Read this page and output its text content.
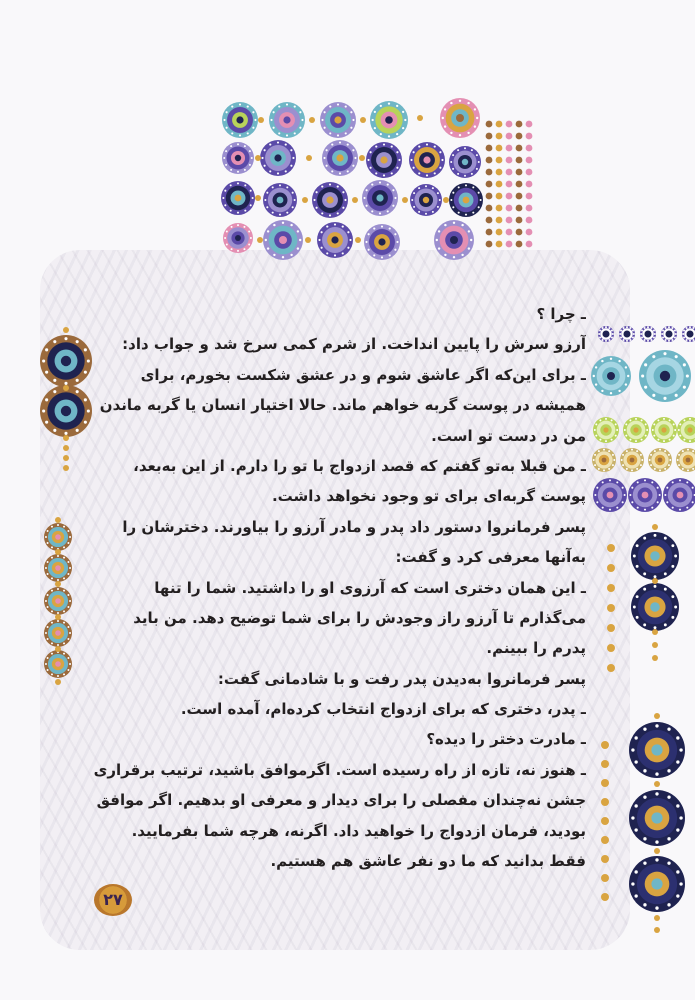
ـ چرا ؟
آرزو سرش را پایین انداخت. از شرم کمی سرخ شد و جواب داد:
ـ برای این‌که اگر عاشق شوم و در عشق شکست بخورم، برای
همیشه در پوست گربه خواهم ماند. حالا اختیار انسان یا گربه ماندن
من در دست تو است.
ـ من قبلا به‌تو گفتم که قصد ازدواج با تو را دارم. از این به‌بعد،
پوست گربه‌ای برای تو وجود نخواهد داشت.
پسر فرمانروا دستور داد پدر و مادر آرزو را بیاورند. دخترشان را
به‌آنها معرفی کرد و گفت:
ـ این همان دختری است که آرزوی او را داشتید. شما را تنها
می‌گذارم تا آرزو راز وجودش را برای شما توضیح دهد. من باید
پدرم را ببینم.
پسر فرمانروا به‌دیدن پدر رفت و با شادمانی گفت:
ـ پدر، دختری که برای ازدواج انتخاب کرده‌ام، آمده است.
ـ مادرت دختر را دیده؟
ـ هنوز نه، تازه از راه رسیده است. اگرموافق باشید، ترتیب برقراری
جشن نه‌چندان مفصلی را برای دیدار و معرفی او بدهیم. اگر موافق
بودید، فرمان ازدواج را خواهید داد. اگرنه، هرچه شما بفرمایید.
فقط بدانید که ما دو نفر عاشق هم هستیم.
۲۷
